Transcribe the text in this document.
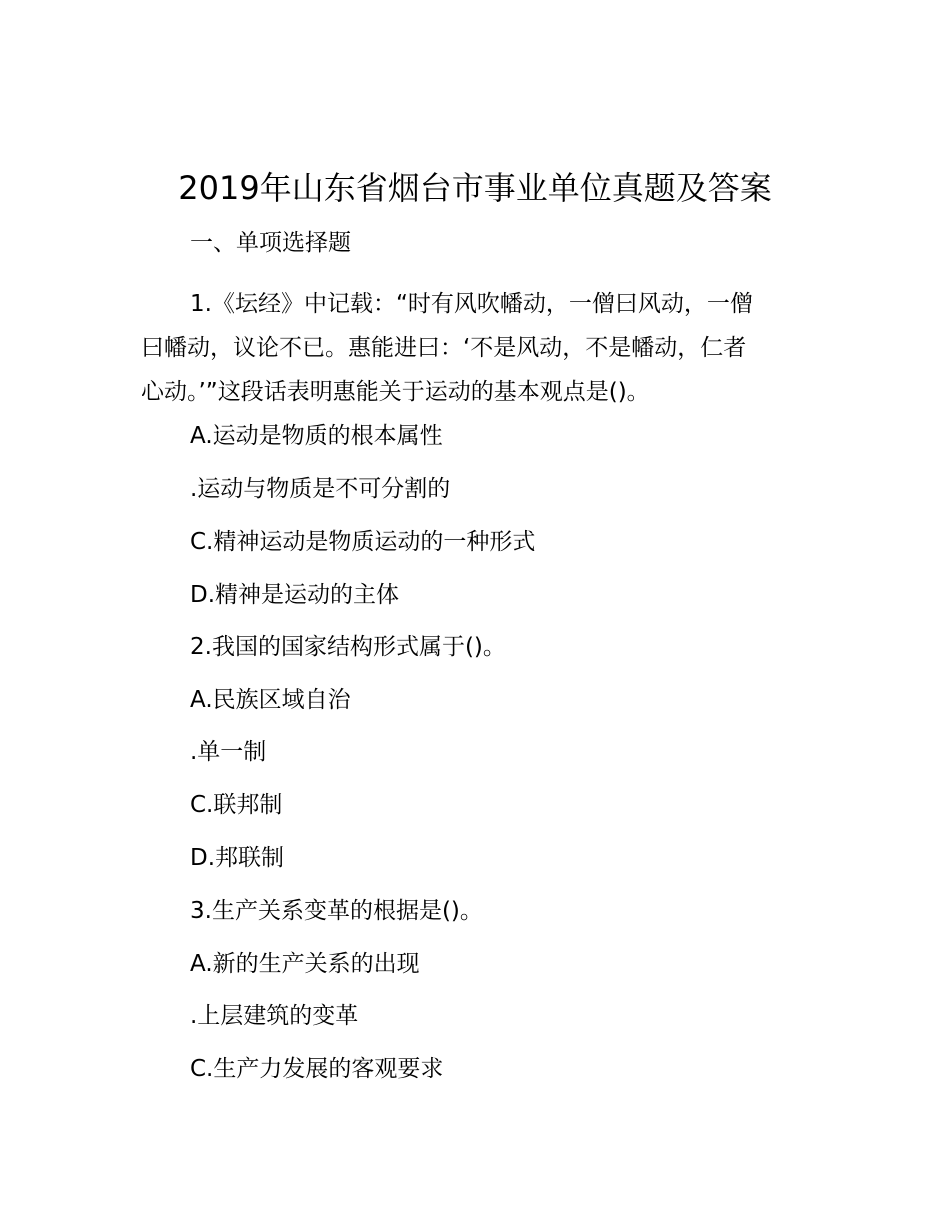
2019年山东省烟台市事业单位真题及答案
一、单项选择题
1.《坛经》中记载：“时有风吹幡动，一僧曰风动，一僧
曰幡动，议论不已。惠能进曰：‘不是风动，不是幡动，仁者
心动。’”这段话表明惠能关于运动的基本观点是()。
A.运动是物质的根本属性
.运动与物质是不可分割的
C.精神运动是物质运动的一种形式
D.精神是运动的主体
2.我国的国家结构形式属于()。
A.民族区域自治
.单一制
C.联邦制
D.邦联制
3.生产关系变革的根据是()。
A.新的生产关系的出现
.上层建筑的变革
C.生产力发展的客观要求
